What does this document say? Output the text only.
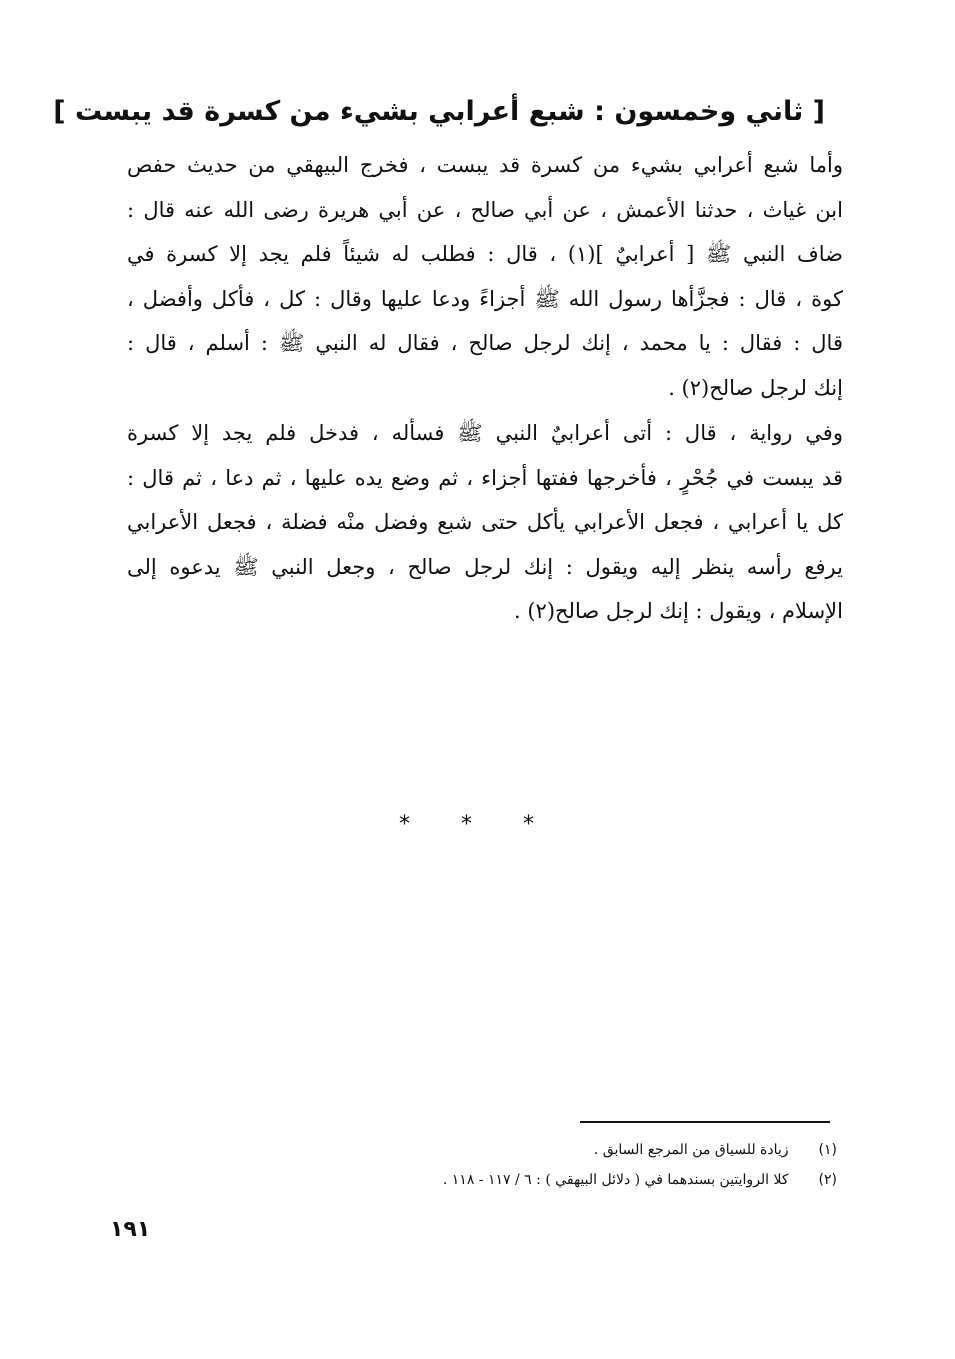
[ ثاني وخمسون : شبع أعرابي بشيء من كسرة قد يبست ]
وأما شبع أعرابي بشيء من كسرة قد يبست ، فخرج البيهقي من حديث حفص
ابن غياث ، حدثنا الأعمش ، عن أبي صالح ، عن أبي هريرة رضى الله عنه قال :
ضاف النبي ﷺ [ أعرابيٌ ](١) ، قال : فطلب له شيئاً فلم يجد إلا كسرة في
كوة ، قال : فجزَّأها رسول الله ﷺ أجزاءً ودعا عليها وقال : كل ، فأكل وأفضل ،
قال : فقال : يا محمد ، إنك لرجل صالح ، فقال له النبي ﷺ : أسلم ، قال :
إنك لرجل صالح(٢) .
وفي رواية ، قال : أتى أعرابيٌ النبي ﷺ فسأله ، فدخل فلم يجد إلا كسرة
قد يبست في جُحْرٍ ، فأخرجها ففتها أجزاء ، ثم وضع يده عليها ، ثم دعا ، ثم قال :
كل يا أعرابي ، فجعل الأعرابي يأكل حتى شبع وفضل منْه فضلة ، فجعل الأعرابي
يرفع رأسه ينظر إليه ويقول : إنك لرجل صالح ، وجعل النبي ﷺ يدعوه إلى
الإسلام ، ويقول : إنك لرجل صالح(٢) .
* * *
(١) زيادة للسياق من المرجع السابق .
(٢) كلا الروايتين بسندهما في ( دلائل البيهقي ) : ٦ / ١١٧ - ١١٨ .
١٩١
